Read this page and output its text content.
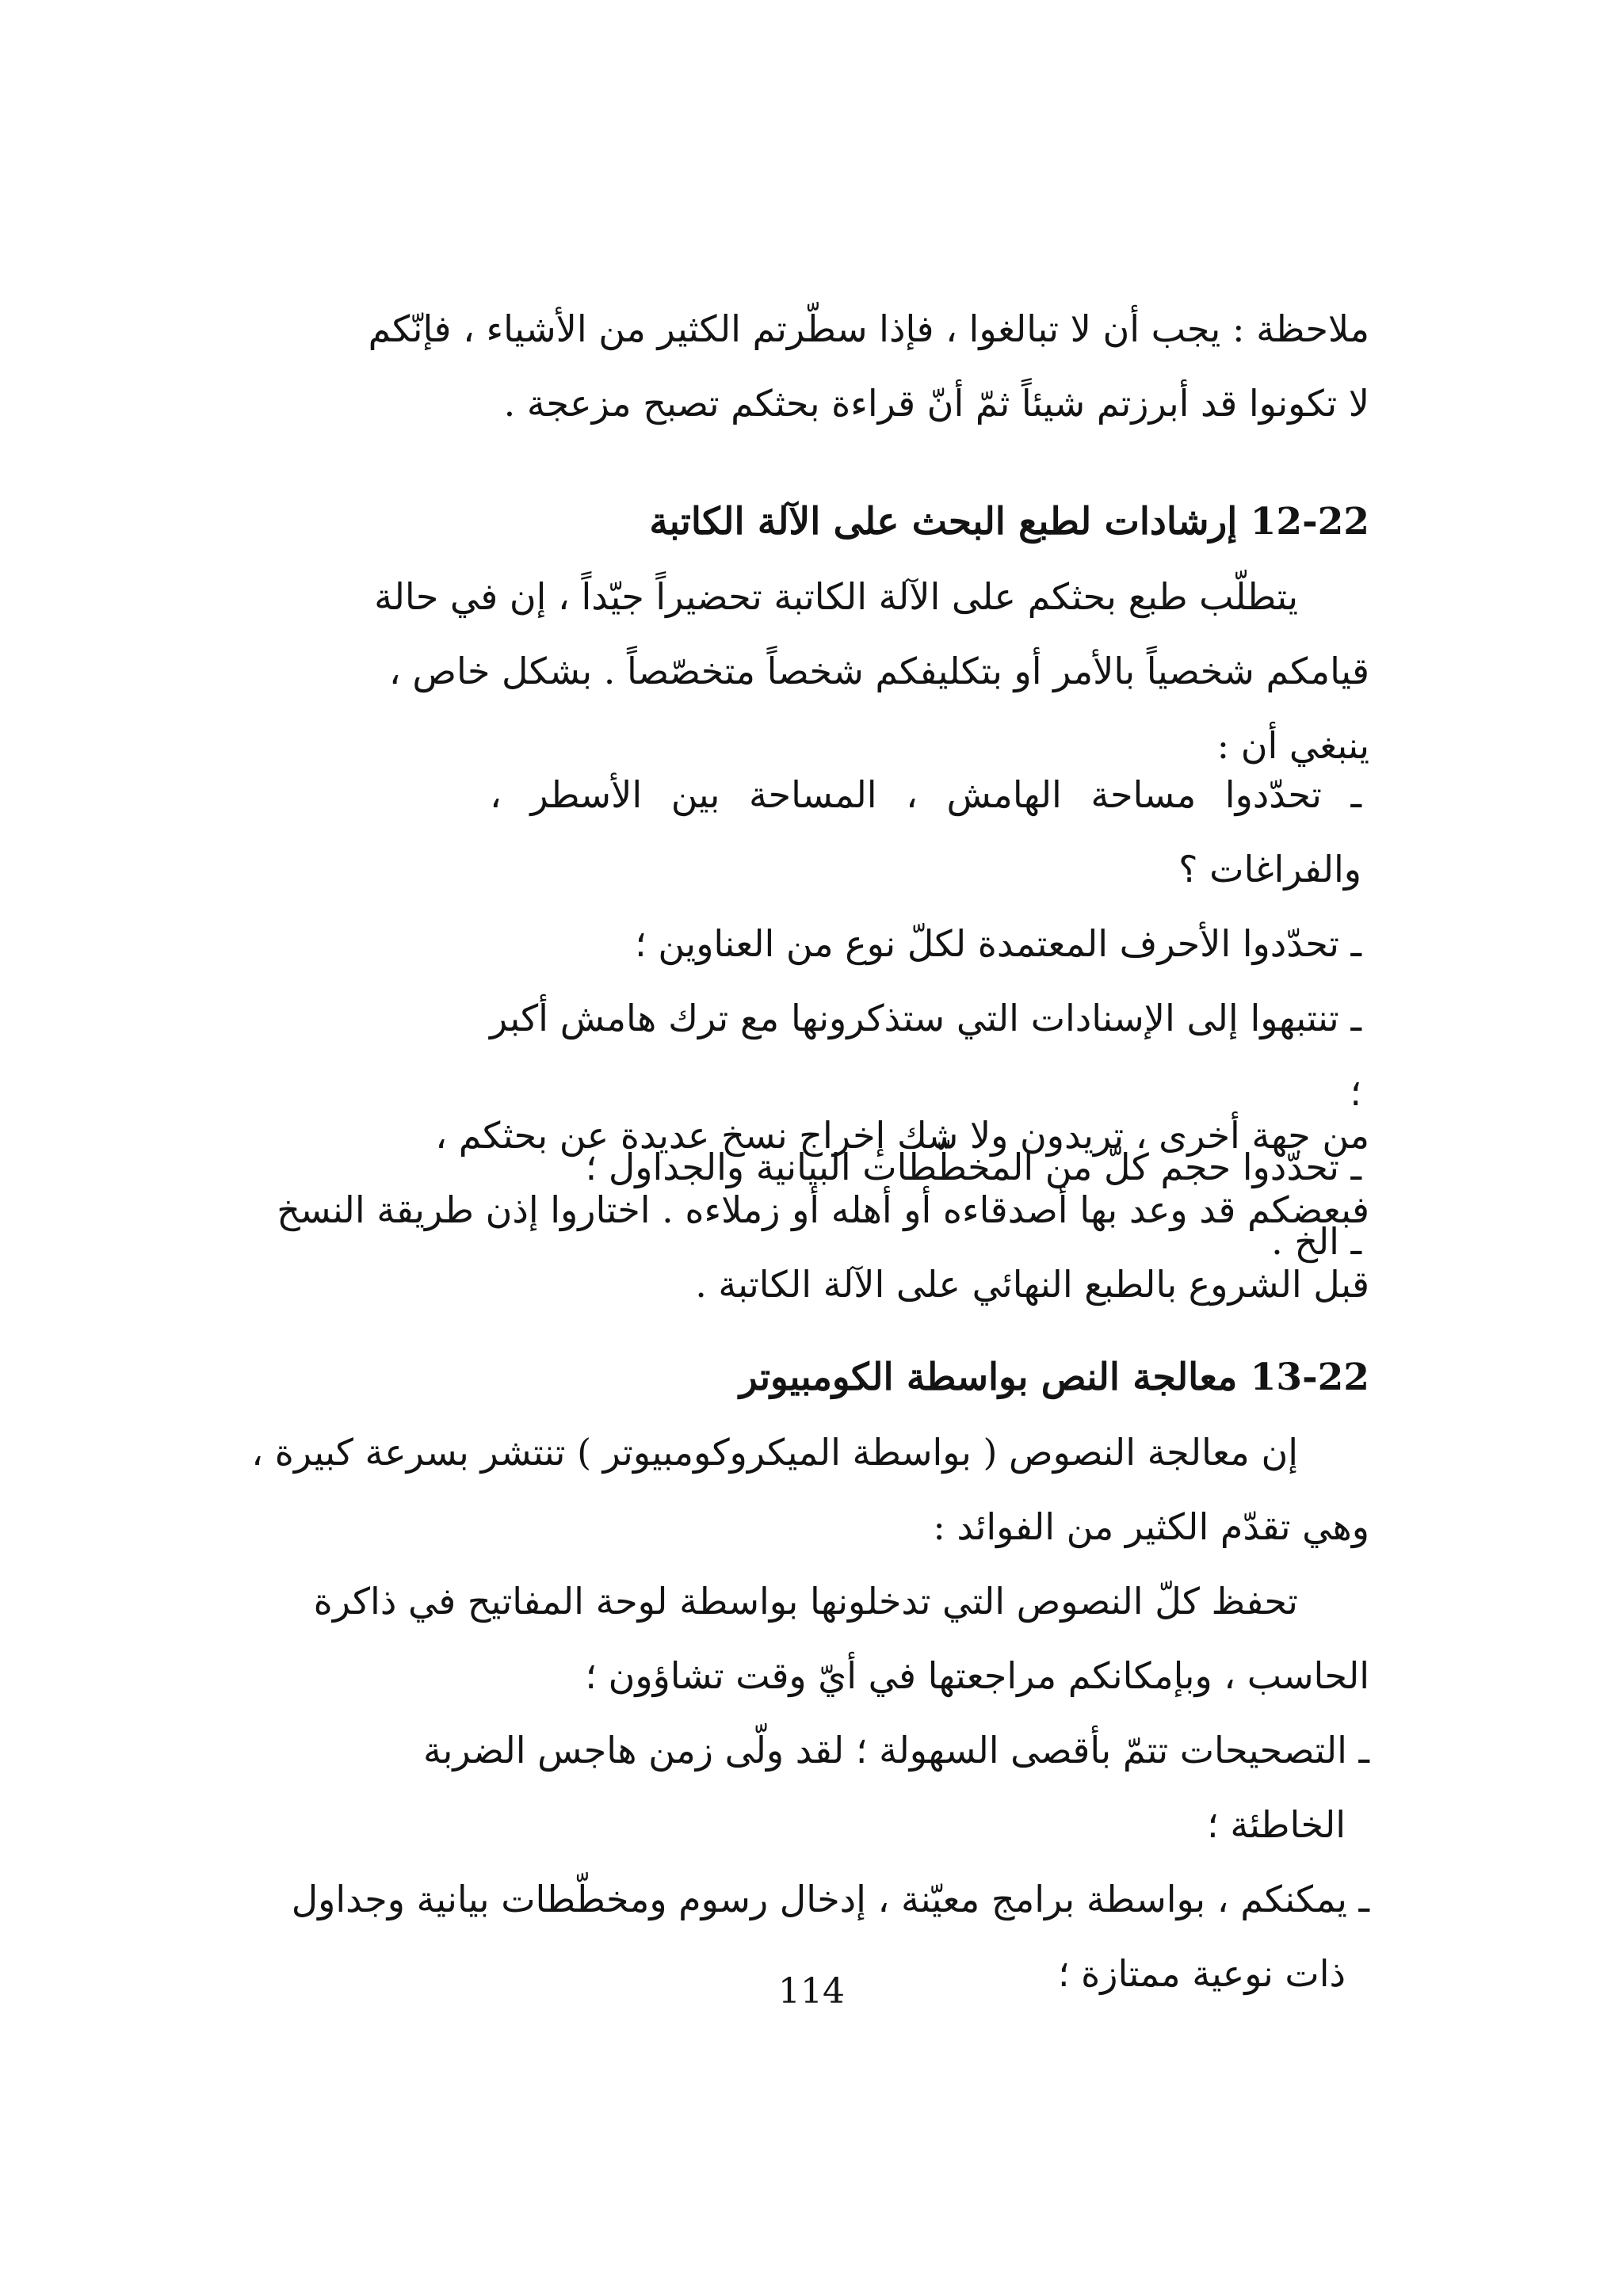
ملاحظة : يجب أن لا تبالغوا ، فإذا سطّرتم الكثير من الأشياء ، فإنّكم

لا تكونوا قد أبرزتم شيئاً ثمّ أنّ قراءة بحثكم تصبح مزعجة .

12-22 إرشادات لطبع البحث على الآلة الكاتبة

يتطلّب طبع بحثكم على الآلة الكاتبة تحضيراً جيّداً ، إن في حالة

قيامكم شخصياً بالأمر أو بتكليفكم شخصاً متخصّصاً . بشكل خاص ،

ينبغي أن :

ـ تحدّدوا مساحة الهامش ، المساحة بين الأسطر ، والفراغات ؟

ـ تحدّدوا الأحرف المعتمدة لكلّ نوع من العناوين ؛

ـ تنتبهوا إلى الإسنادات التي ستذكرونها مع ترك هامش أكبر ؛

ـ تحدّدوا حجم كلّ من المخطّطات البيانية والجداول ؛

ـ الخ .

من جهة أخرى ، تريدون ولا شك إخراج نسخ عديدة عن بحثكم ،

فبعضكم قد وعد بها أصدقاءه أو أهله أو زملاءه . اختاروا إذن طريقة النسخ

قبل الشروع بالطبع النهائي على الآلة الكاتبة .

13-22 معالجة النص بواسطة الكومبيوتر

إن معالجة النصوص ( بواسطة الميكروكومبيوتر ) تنتشر بسرعة كبيرة ،

وهي تقدّم الكثير من الفوائد :

تحفظ كلّ النصوص التي تدخلونها بواسطة لوحة المفاتيح في ذاكرة

الحاسب ، وبإمكانكم مراجعتها في أيّ وقت تشاؤون ؛

ـ التصحيحات تتمّ بأقصى السهولة ؛ لقد ولّى زمن هاجس الضربة

الخاطئة ؛

ـ يمكنكم ، بواسطة برامج معيّنة ، إدخال رسوم ومخطّطات بيانية وجداول

ذات نوعية ممتازة ؛

114
